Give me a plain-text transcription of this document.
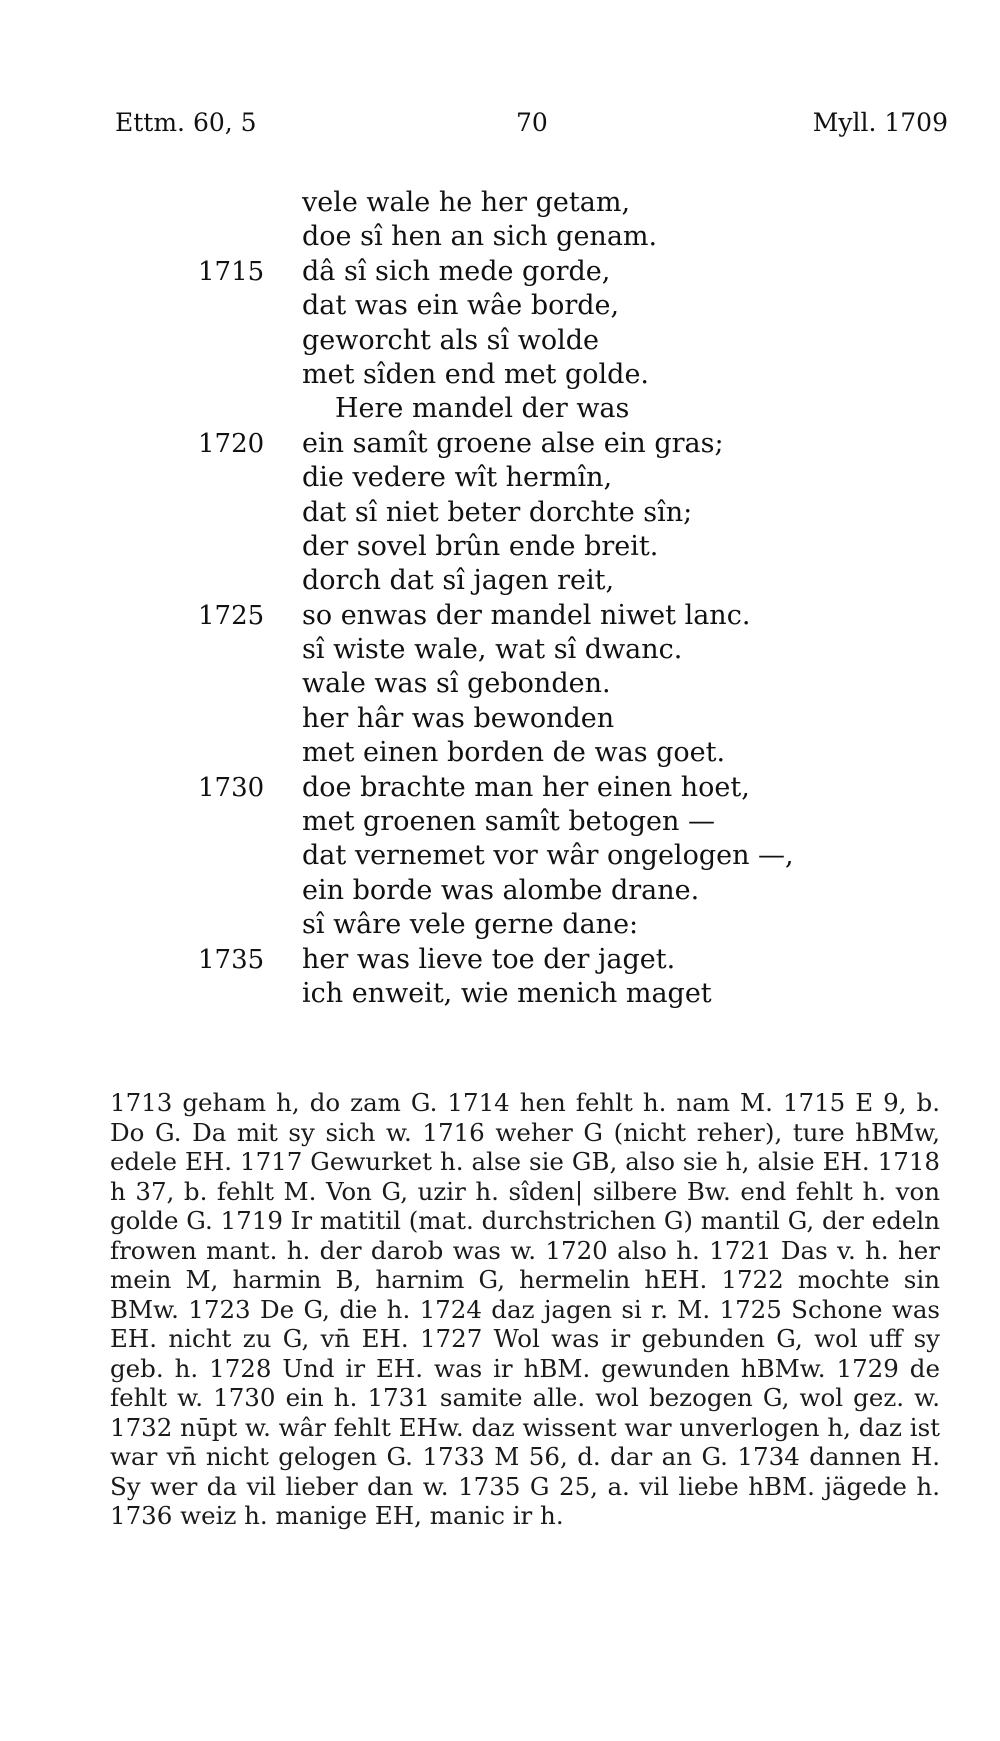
Ettm. 60, 5	70	Myll. 1709
vele wale he her getam,
doe sî hen an sich genam.
1715 dâ sî sich mede gorde,
dat was ein wâe borde,
geworcht als sî wolde
met sîden end met golde.
Here mandel der was
1720 ein samît groene alse ein gras;
die vedere wît hermîn,
dat sî niet beter dorchte sîn;
der sovel brûn ende breit.
dorch dat sî jagen reit,
1725 so enwas der mandel niwet lanc.
sî wiste wale, wat sî dwanc.
wale was sî gebonden.
her hâr was bewonden
met einen borden de was goet.
1730 doe brachte man her einen hoet,
met groenen samît betogen —
dat vernemet vor wâr ongelogen —,
ein borde was alombe drane.
sî wâre vele gerne dane:
1735 her was lieve toe der jaget.
ich enweit, wie menich maget

1713 geham h, do zam G. 1714 hen fehlt h. nam M. 1715 E 9, b. Do G. Da mit sy sich w. 1716 weher G (nicht reher), ture hBMw, edele EH. 1717 Gewurket h. alse sie GB, also sie h, alsie EH. 1718 h 37, b. fehlt M. Von G, uzir h. sîden| silbere Bw. end fehlt h. von golde G. 1719 Ir matitil (mat. durchstrichen G) mantil G, der edeln frowen mant. h. der darob was w. 1720 also h. 1721 Das v. h. her mein M, harmin B, harnim G, hermelin hEH. 1722 mochte sin BMw. 1723 De G, die h. 1724 daz jagen si r. M. 1725 Schone was EH. nicht zu G, vn̄ EH. 1727 Wol was ir gebunden G, wol uff sy geb. h. 1728 Und ir EH. was ir hBM. gewunden hBMw. 1729 de fehlt w. 1730 ein h. 1731 samite alle. wol bezogen G, wol gez. w. 1732 nūpt w. wâr fehlt EHw. daz wissent war unverlogen h, daz ist war vn̄ nicht gelogen G. 1733 M 56, d. dar an G. 1734 dannen H. Sy wer da vil lieber dan w. 1735 G 25, a. vil liebe hBM. jägede h. 1736 weiz h. manige EH, manic ir h.
